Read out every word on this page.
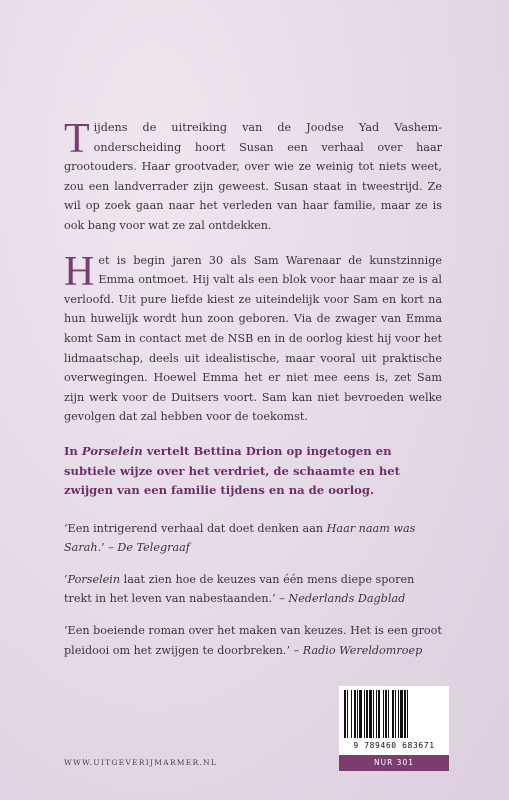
Tijdens de uitreiking van de Joodse Yad Vashem-onderscheiding hoort Susan een verhaal over haar grootouders. Haar grootvader, over wie ze weinig tot niets weet, zou een landverrader zijn geweest. Susan staat in tweestrijd. Ze wil op zoek gaan naar het verleden van haar familie, maar ze is ook bang voor wat ze zal ontdekken.

Het is begin jaren 30 als Sam Warenaar de kunstzinnige Emma ontmoet. Hij valt als een blok voor haar maar ze is al verloofd. Uit pure liefde kiest ze uiteindelijk voor Sam en kort na hun huwelijk wordt hun zoon geboren. Via de zwager van Emma komt Sam in contact met de NSB en in de oorlog kiest hij voor het lidmaatschap, deels uit idealistische, maar vooral uit praktische overwegingen. Hoewel Emma het er niet mee eens is, zet Sam zijn werk voor de Duitsers voort. Sam kan niet bevroeden welke gevolgen dat zal hebben voor de toekomst.

In Porselein vertelt Bettina Drion op ingetogen en subtiele wijze over het verdriet, de schaamte en het zwijgen van een familie tijdens en na de oorlog.

‘Een intrigerend verhaal dat doet denken aan Haar naam was Sarah.’ – De Telegraaf

‘Porselein laat zien hoe de keuzes van één mens diepe sporen trekt in het leven van nabestaanden.’ – Nederlands Dagblad

‘Een boeiende roman over het maken van keuzes. Het is een groot pleidooi om het zwijgen te doorbreken.’ – Radio Wereldomroep

WWW.UITGEVERIJMARMER.NL
9 789460 683671
NUR 301
